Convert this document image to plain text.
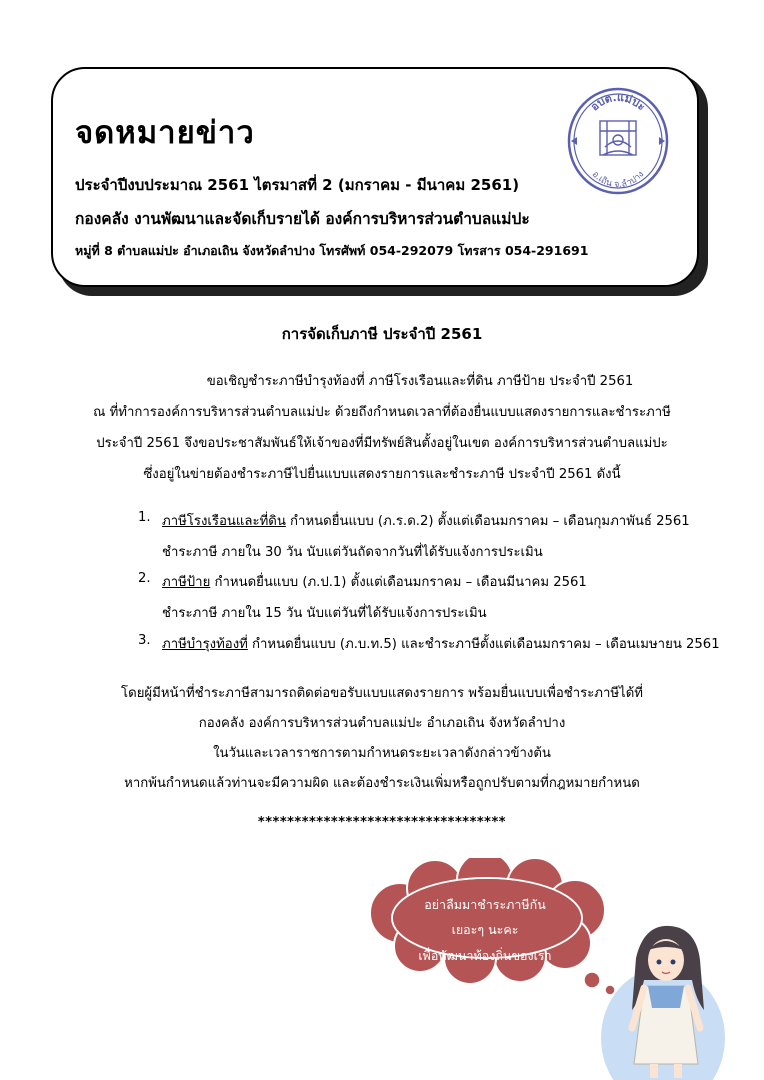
จดหมายข่าว
ประจำปีงบประมาณ 2561 ไตรมาสที่ 2 (มกราคม - มีนาคม 2561)
กองคลัง งานพัฒนาและจัดเก็บรายได้ องค์การบริหารส่วนตำบลแม่ปะ
หมู่ที่ 8 ตำบลแม่ปะ อำเภอเถิน จังหวัดลำปาง โทรศัพท์ 054-292079 โทรสาร 054-291691
อบต.แม่ปะ
อ.เถิน จ.ลำปาง
การจัดเก็บภาษี ประจำปี 2561
ขอเชิญชำระภาษีบำรุงท้องที่ ภาษีโรงเรือนและที่ดิน ภาษีป้าย ประจำปี 2561
ณ ที่ทำการองค์การบริหารส่วนตำบลแม่ปะ ด้วยถึงกำหนดเวลาที่ต้องยื่นแบบแสดงรายการและชำระภาษี
ประจำปี 2561 จึงขอประชาสัมพันธ์ให้เจ้าของที่มีทรัพย์สินตั้งอยู่ในเขต องค์การบริหารส่วนตำบลแม่ปะ
ซึ่งอยู่ในข่ายต้องชำระภาษีไปยื่นแบบแสดงรายการและชำระภาษี ประจำปี 2561 ดังนี้
1. ภาษีโรงเรือนและที่ดิน กำหนดยื่นแบบ (ภ.ร.ด.2) ตั้งแต่เดือนมกราคม – เดือนกุมภาพันธ์ 2561
ชำระภาษี ภายใน 30 วัน นับแต่วันถัดจากวันที่ได้รับแจ้งการประเมิน
2. ภาษีป้าย กำหนดยื่นแบบ (ภ.ป.1) ตั้งแต่เดือนมกราคม – เดือนมีนาคม 2561
ชำระภาษี ภายใน 15 วัน นับแต่วันที่ได้รับแจ้งการประเมิน
3. ภาษีบำรุงท้องที่ กำหนดยื่นแบบ (ภ.บ.ท.5) และชำระภาษีตั้งแต่เดือนมกราคม – เดือนเมษายน 2561
โดยผู้มีหน้าที่ชำระภาษีสามารถติดต่อขอรับแบบแสดงรายการ พร้อมยื่นแบบเพื่อชำระภาษีได้ที่
กองคลัง องค์การบริหารส่วนตำบลแม่ปะ อำเภอเถิน จังหวัดลำปาง
ในวันและเวลาราชการตามกำหนดระยะเวลาดังกล่าวข้างต้น
หากพ้นกำหนดแล้วท่านจะมีความผิด และต้องชำระเงินเพิ่มหรือถูกปรับตามที่กฎหมายกำหนด
**********************************
อย่าลืมมาชำระภาษีกัน
เยอะๆ นะคะ
เพื่อพัฒนาท้องถิ่นของเรา
